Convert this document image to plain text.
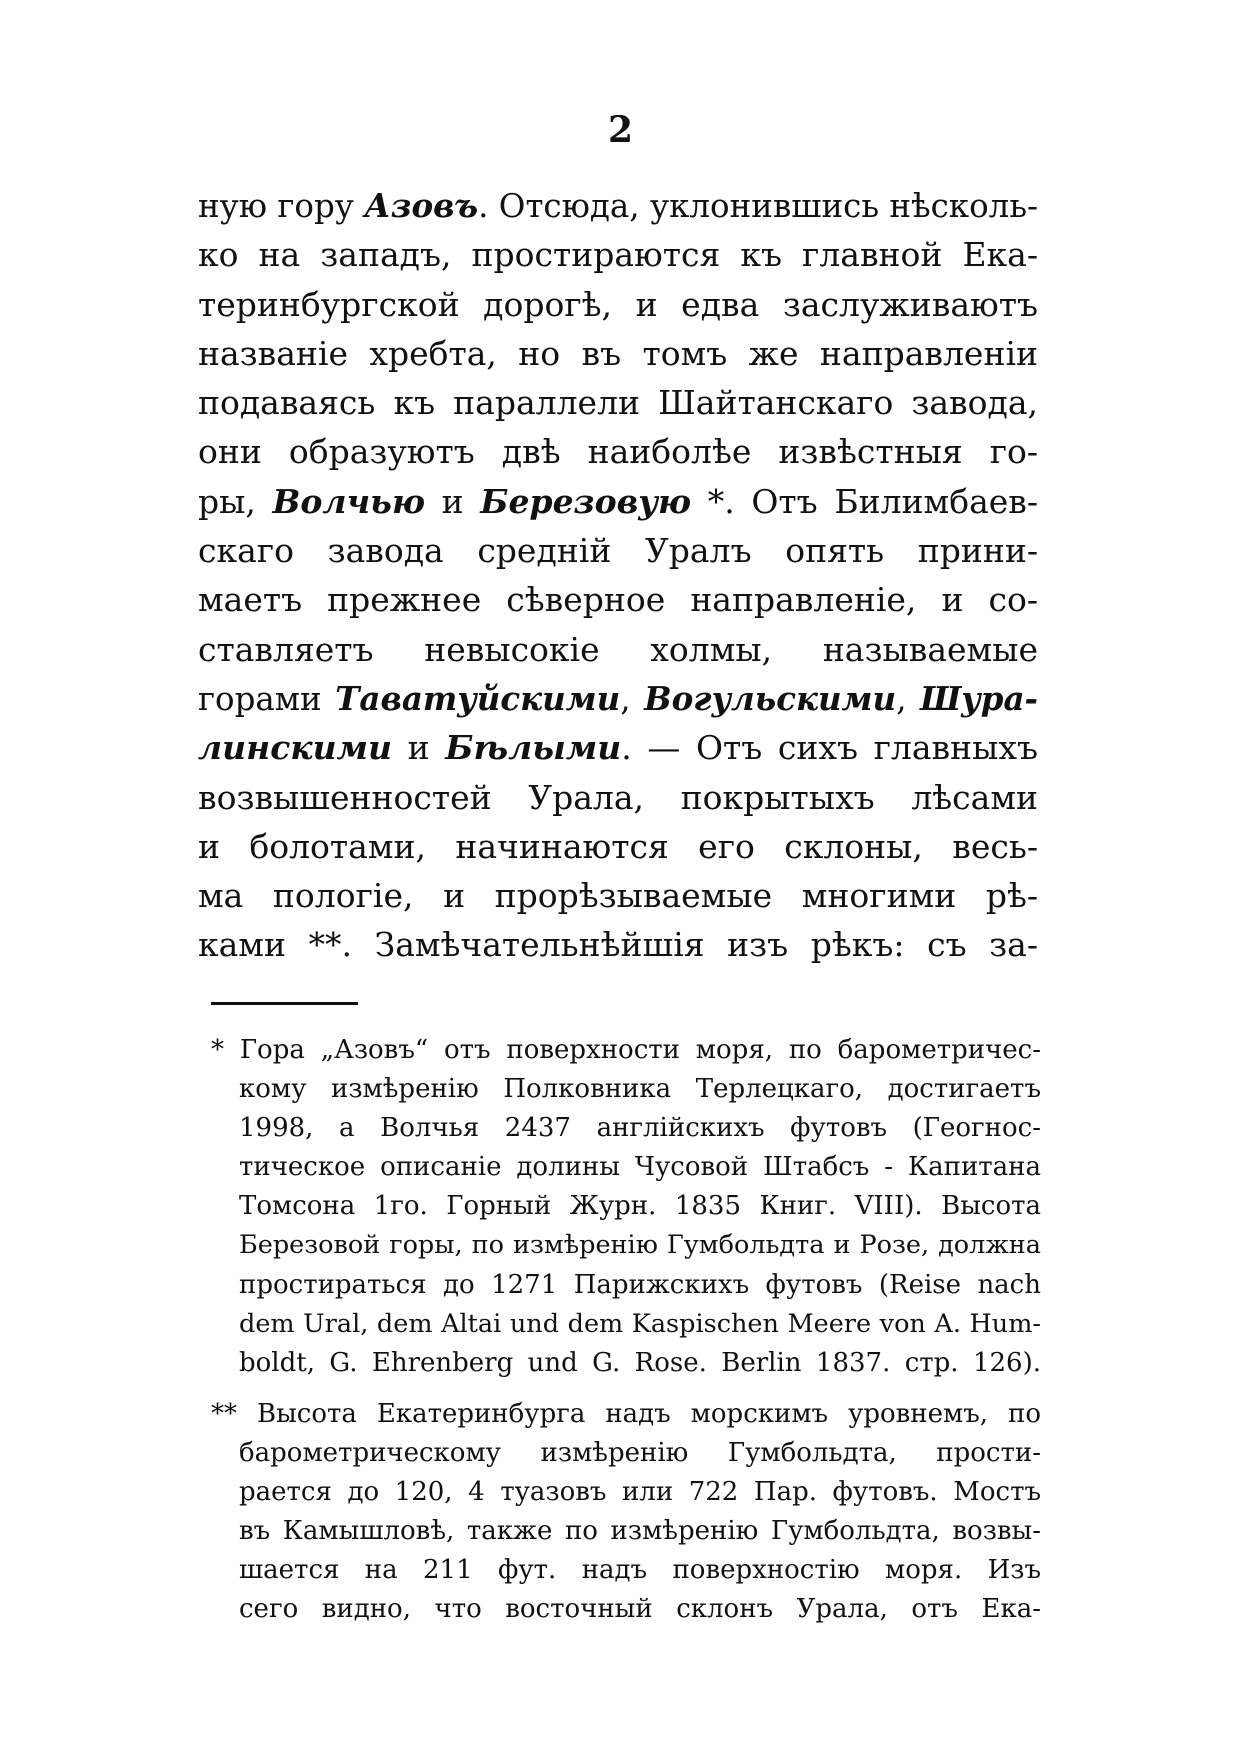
2
ную гору Азовъ. Отсюда, уклонившись нѣсколь-
ко на западъ, простираются къ главной Ека-
теринбургской дорогѣ, и едва заслуживаютъ
названіе хребта, но въ томъ же направленіи
подаваясь къ параллели Шайтанскаго завода,
они образуютъ двѣ наиболѣе извѣстныя го-
ры, Волчью и Березовую *. Отъ Билимбаев-
скаго завода средній Уралъ опять прини-
маетъ прежнее сѣверное направленіе, и со-
ставляетъ невысокіе холмы, называемые
горами Таватуйскими, Вогульскими, Шура-
линскими и Бѣлыми. — Отъ сихъ главныхъ
возвышенностей Урала, покрытыхъ лѣсами
и болотами, начинаются его склоны, весь-
ма пологіе, и прорѣзываемые многими рѣ-
ками **. Замѣчательнѣйшія изъ рѣкъ: съ за-
* Гора „Азовъ“ отъ поверхности моря, по барометричес-
кому измѣренію Полковника Терлецкаго, достигаетъ
1998, а Волчья 2437 англійскихъ футовъ (Геогнос-
тическое описаніе долины Чусовой Штабсъ - Капитана
Томсона 1го. Горный Журн. 1835 Книг. VIII). Высота
Березовой горы, по измѣренію Гумбольдта и Розе, должна
простираться до 1271 Парижскихъ футовъ (Reise nach
dem Ural, dem Altai und dem Kaspischen Meere von A. Hum-
boldt, G. Ehrenberg und G. Rose. Berlin 1837. стр. 126).
** Высота Екатеринбурга надъ морскимъ уровнемъ, по
барометрическому измѣренію Гумбольдта, прости-
рается до 120, 4 туазовъ или 722 Пар. футовъ. Мостъ
въ Камышловѣ, также по измѣренію Гумбольдта, возвы-
шается на 211 фут. надъ поверхностію моря. Изъ
сего видно, что восточный склонъ Урала, отъ Ека-
